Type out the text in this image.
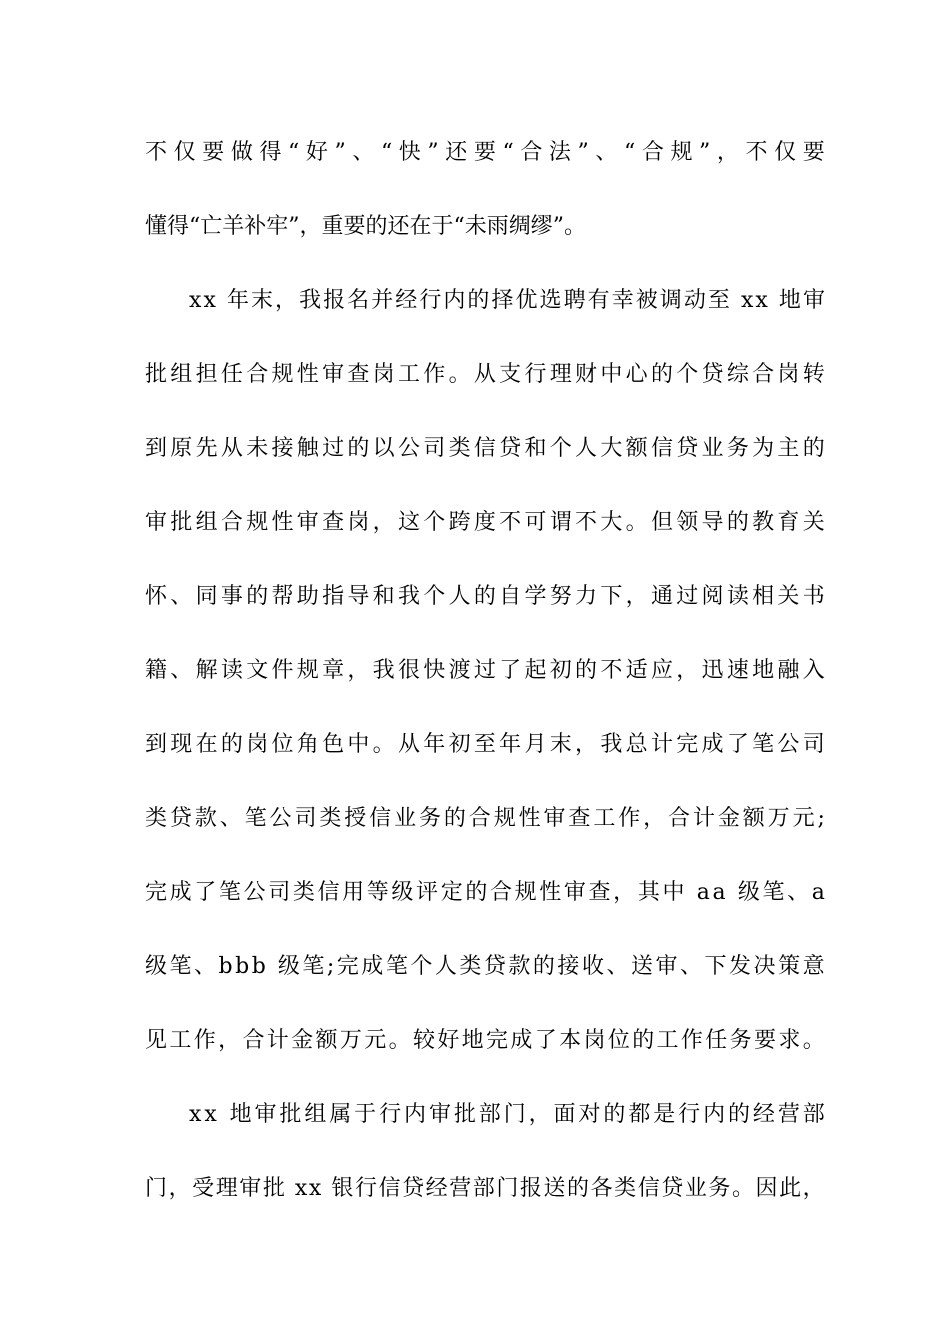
不 仅 要 做 得 “ 好 ” 、 “ 快 ” 还 要 “ 合 法 ” 、 “ 合 规 ” ， 不 仅 要
懂得“亡羊补牢”，重要的还在于“未雨绸缪”。
x x
年 末 ， 我 报 名 并 经 行 内 的 择 优 选 聘 有 幸 被 调 动 至
x x
地 审
批 组 担 任 合 规 性 审 查 岗 工 作 。 从 支 行 理 财 中 心 的 个 贷 综 合 岗 转
到 原 先 从 未 接 触 过 的 以 公 司 类 信 贷 和 个 人 大 额 信 贷 业 务 为 主 的
审 批 组 合 规 性 审 查 岗 ， 这 个 跨 度 不 可 谓 不 大 。 但 领 导 的 教 育 关
怀 、 同 事 的 帮 助 指 导 和 我 个 人 的 自 学 努 力 下 ， 通 过 阅 读 相 关 书
籍 、 解 读 文 件 规 章 ， 我 很 快 渡 过 了 起 初 的 不 适 应 ， 迅 速 地 融 入
到 现 在 的 岗 位 角 色 中 。 从 年 初 至 年 月 末 ， 我 总 计 完 成 了 笔 公 司
类 贷 款 、 笔 公 司 类 授 信 业 务 的 合 规 性 审 查 工 作 ， 合 计 金 额 万 元 ;
完 成 了 笔 公 司 类 信 用 等 级 评 定 的 合 规 性 审 查 ， 其 中
a a
级 笔 、 a
级 笔 、 b b b
级 笔 ; 完 成 笔 个 人 类 贷 款 的 接 收 、 送 审 、 下 发 决 策 意
见 工 作 ， 合 计 金 额 万 元 。 较 好 地 完 成 了 本 岗 位 的 工 作 任 务 要 求 。
x x
地 审 批 组 属 于 行 内 审 批 部 门 ， 面 对 的 都 是 行 内 的 经 营 部
门 ， 受 理 审 批
x x
银 行 信 贷 经 营 部 门 报 送 的 各 类 信 贷 业 务 。 因 此 ，
